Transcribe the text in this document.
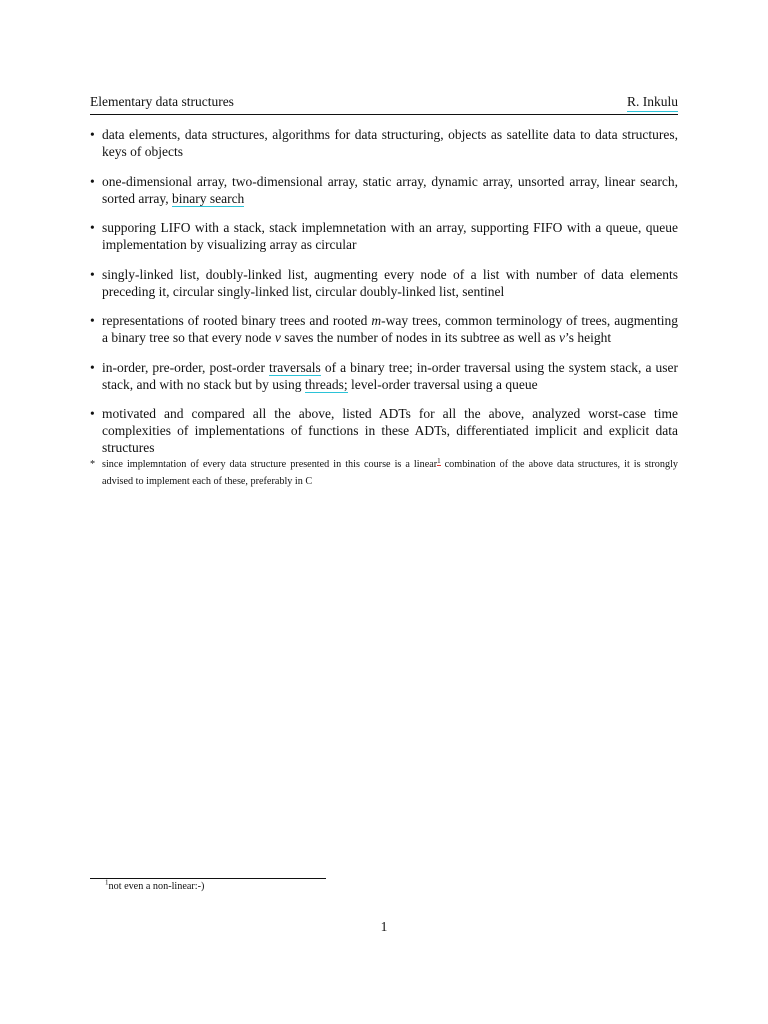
Elementary data structures	R. Inkulu
• data elements, data structures, algorithms for data structuring, objects as satellite data to data structures, keys of objects
• one-dimensional array, two-dimensional array, static array, dynamic array, unsorted array, linear search, sorted array, binary search
• supporing LIFO with a stack, stack implemnetation with an array, supporting FIFO with a queue, queue implementation by visualizing array as circular
• singly-linked list, doubly-linked list, augmenting every node of a list with number of data elements preceding it, circular singly-linked list, circular doubly-linked list, sentinel
• representations of rooted binary trees and rooted m-way trees, common terminology of trees, augmenting a binary tree so that every node v saves the number of nodes in its subtree as well as v’s height
• in-order, pre-order, post-order traversals of a binary tree; in-order traversal using the system stack, a user stack, and with no stack but by using threads; level-order traversal using a queue
• motivated and compared all the above, listed ADTs for all the above, analyzed worst-case time complexities of implementations of functions in these ADTs, differentiated implicit and explicit data structures
* since implemntation of every data structure presented in this course is a linear$^1$ combination of the above data structures, it is strongly advised to implement each of these, preferably in C
$^1$not even a non-linear:-)
1
